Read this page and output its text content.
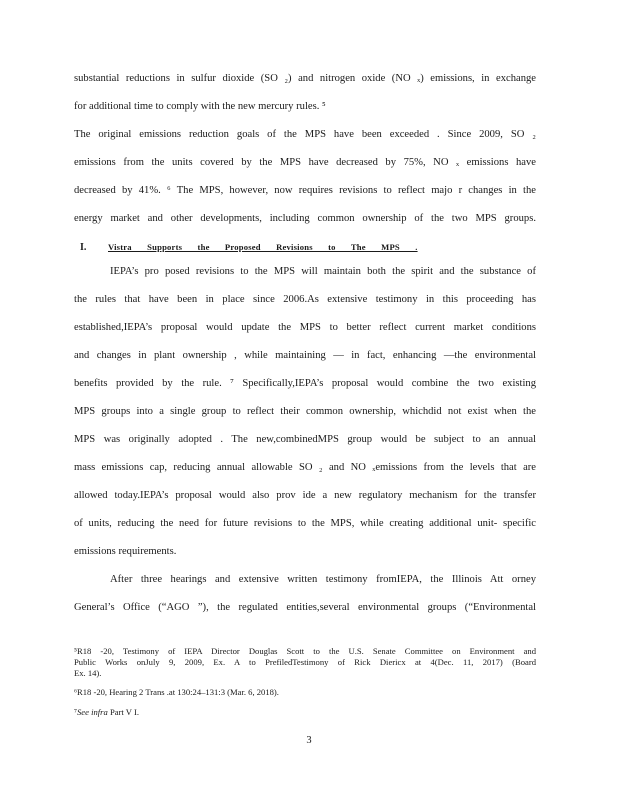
substantial reductions in sulfur dioxide (SO ₂) and nitrogen oxide (NO ₓ) emissions, in exchange
for additional time to comply with the new mercury rules. ⁵
The original emissions reduction goals of the MPS have been exceeded . Since 2009, SO ₂
emissions from the units covered by the MPS have decreased by 75%, NO ₓ emissions have
decreased by 41%. ⁶ The MPS, however, now requires revisions to reflect majo r changes in the
energy market and other developments, including common ownership of the two MPS groups.
I.	Vistra Supports the Proposed Revisions to The MPS .
IEPA’s pro posed revisions to the MPS will maintain both the spirit and the substance of
the rules that have been in place since 2006.As extensive testimony in this proceeding has
established,IEPA’s proposal would update the MPS to better reflect current market conditions
and changes in plant ownership , while maintaining — in fact, enhancing —the environmental
benefits provided by the rule. ⁷ Specifically,IEPA’s proposal would combine the two existing
MPS groups into a single group to reflect their common ownership, whichdid not exist when the
MPS was originally adopted . The new,combinedMPS group would be subject to an annual
mass emissions cap, reducing annual allowable SO ₂ and NO ₓemissions from the levels that are
allowed today.IEPA’s proposal would also prov ide a new regulatory mechanism for the transfer
of units, reducing the need for future revisions to the MPS, while creating additional unit- specific
emissions requirements.
After three hearings and extensive written testimony fromIEPA, the Illinois Att orney
General’s Office (“AGO ”), the regulated entities,several environmental groups (“Environmental
⁵R18 -20, Testimony of IEPA Director Douglas Scott to the U.S. Senate Committee on Environment and
Public Works onJuly 9, 2009, Ex. A to PrefiledTestimony of Rick Diericx at 4(Dec. 11, 2017) (Board
Ex. 14).
⁶R18 -20, Hearing 2 Trans .at 130:24–131:3 (Mar. 6, 2018).
⁷See infra Part V I.
3
